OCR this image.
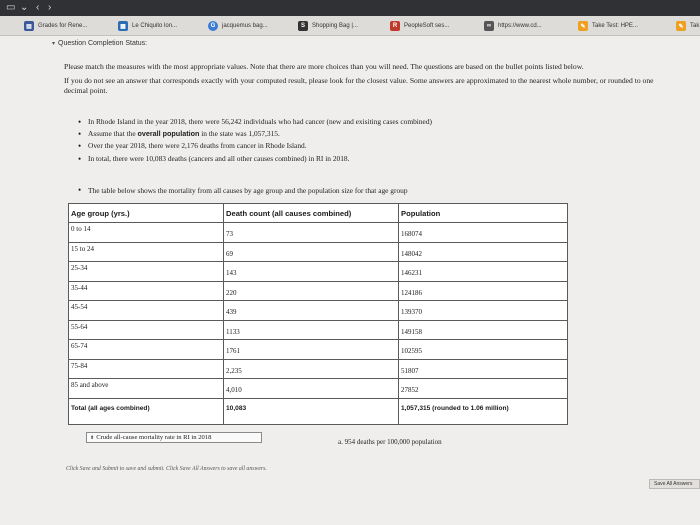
▭ ⌄ ‹ ›
▤	Grades for Rene...	▦	Le Chiquito lon...	G	jacquemus bag...	S	Shopping Bag |...	R	PeopleSoft ses...	∞	https://www.cd...	✎	Take Test: HPE...	✎	Tak
▾ Question Completion Status:

Please match the measures with the most appropriate values. Note that there are more choices than you will need. The questions are based on the bullet points listed below.

If you do not see an answer that corresponds exactly with your computed result, please look for the closest value. Some answers are approximated to the nearest whole number, or rounded to one decimal point.

• In Rhode Island in the year 2018, there were 56,242 individuals who had cancer (new and exisiting cases combined)
• Assume that the overall population in the state was 1,057,315.
• Over the year 2018, there were 2,176 deaths from cancer in Rhode Island.
• In total, there were 10,083 deaths (cancers and all other causes combined) in RI in 2018.
• The table below shows the mortality from all causes by age group and the population size for that age group
Age group (yrs.)	Death count (all causes combined)	Population
0 to 14	73	168074
15 to 24	69	148042
25-34	143	146231
35-44	220	124186
45-54	439	139370
55-64	1133	149158
65-74	1761	102595
75-84	2,235	51807
85 and above	4,010	27852
Total (all ages combined)	10,083	1,057,315 (rounded to 1.06 million)
⬍ Crude all-cause mortality rate in RI in 2018
a. 954 deaths per 100,000 population
Click Save and Submit to save and submit. Click Save All Answers to save all answers.
Save All Answers
